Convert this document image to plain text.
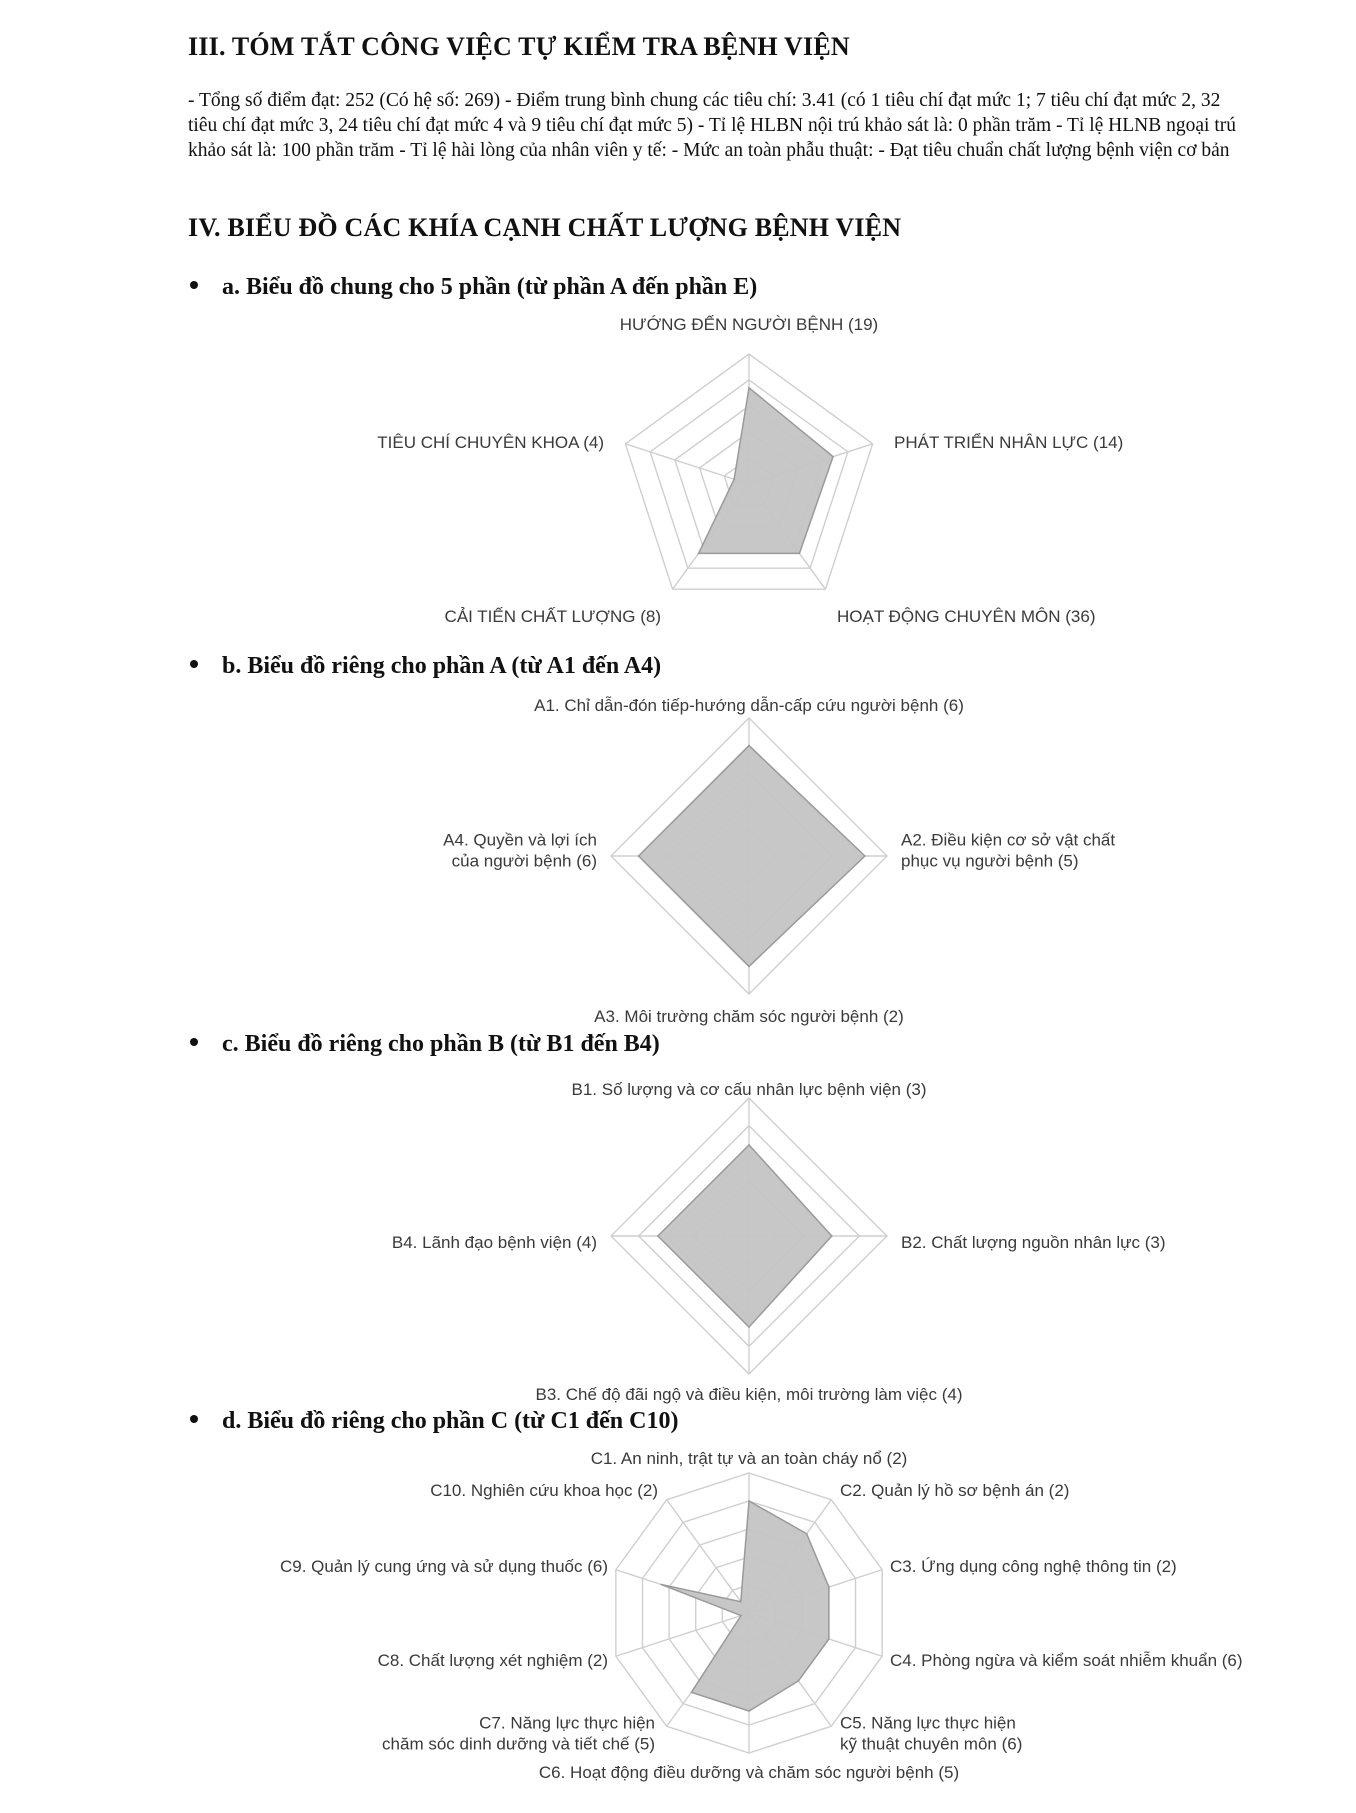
III. TÓM TẮT CÔNG VIỆC TỰ KIỂM TRA BỆNH VIỆN

- Tổng số điểm đạt: 252 (Có hệ số: 269) - Điểm trung bình chung các tiêu chí: 3.41 (có 1 tiêu chí đạt mức 1; 7 tiêu chí đạt mức 2, 32 tiêu chí đạt mức 3, 24 tiêu chí đạt mức 4 và 9 tiêu chí đạt mức 5) - Tỉ lệ HLBN nội trú khảo sát là: 0 phần trăm - Tỉ lệ HLNB ngoại trú khảo sát là: 100 phần trăm - Tỉ lệ hài lòng của nhân viên y tế: - Mức an toàn phẫu thuật: - Đạt tiêu chuẩn chất lượng bệnh viện cơ bản

IV. BIỂU ĐỒ CÁC KHÍA CẠNH CHẤT LƯỢNG BỆNH VIỆN
a. Biểu đồ chung cho 5 phần (từ phần A đến phần E)
HƯỚNG ĐẾN NGƯỜI BỆNH (19)
PHÁT TRIỂN NHÂN LỰC (14)
HOẠT ĐỘNG CHUYÊN MÔN (36)
CẢI TIẾN CHẤT LƯỢNG (8)
TIÊU CHÍ CHUYÊN KHOA (4)
b. Biểu đồ riêng cho phần A (từ A1 đến A4)
A1. Chỉ dẫn-đón tiếp-hướng dẫn-cấp cứu người bệnh (6)
A2. Điều kiện cơ sở vật chất phục vụ người bệnh (5)
A3. Môi trường chăm sóc người bệnh (2)
A4. Quyền và lợi ích của người bệnh (6)
c. Biểu đồ riêng cho phần B (từ B1 đến B4)
B1. Số lượng và cơ cấu nhân lực bệnh viện (3)
B2. Chất lượng nguồn nhân lực (3)
B3. Chế độ đãi ngộ và điều kiện, môi trường làm việc (4)
B4. Lãnh đạo bệnh viện (4)
d. Biểu đồ riêng cho phần C (từ C1 đến C10)
C1. An ninh, trật tự và an toàn cháy nổ (2)
C2. Quản lý hồ sơ bệnh án (2)
C3. Ứng dụng công nghệ thông tin (2)
C4. Phòng ngừa và kiểm soát nhiễm khuẩn (6)
C5. Năng lực thực hiện kỹ thuật chuyên môn (6)
C6. Hoạt động điều dưỡng và chăm sóc người bệnh (5)
C7. Năng lực thực hiện chăm sóc dinh dưỡng và tiết chế (5)
C8. Chất lượng xét nghiệm (2)
C9. Quản lý cung ứng và sử dụng thuốc (6)
C10. Nghiên cứu khoa học (2)
